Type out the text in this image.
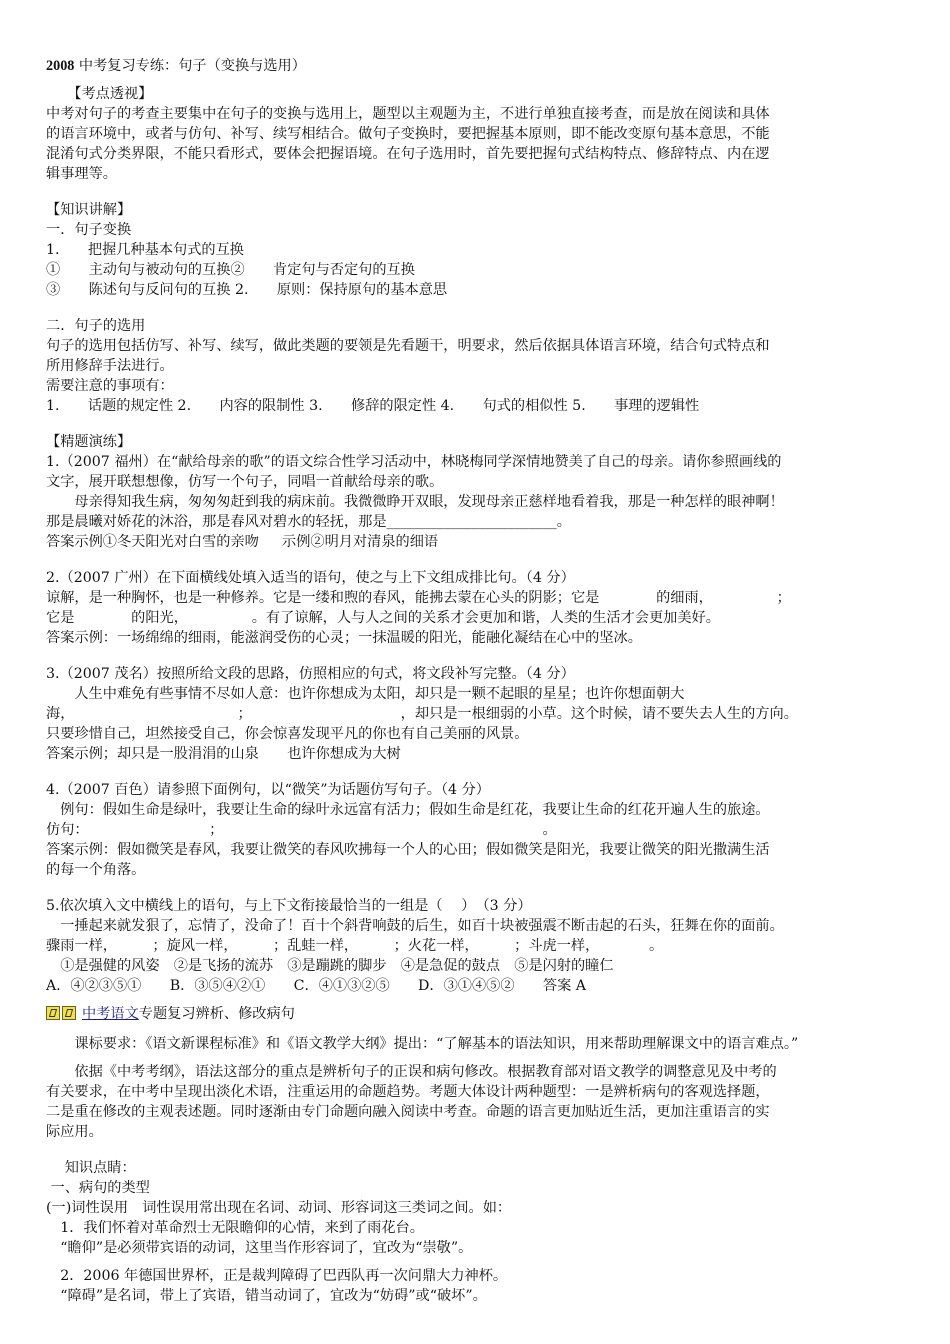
2008 中考复习专练：句子（变换与选用）
　　【考点透视】
中考对句子的考查主要集中在句子的变换与选用上，题型以主观题为主，不进行单独直接考查，而是放在阅读和具体
的语言环境中，或者与仿句、补写、续写相结合。做句子变换时，要把握基本原则，即不能改变原句基本意思，不能
混淆句式分类界限，不能只看形式，要体会把握语境。在句子选用时，首先要把握句式结构特点、修辞特点、内在逻
辑事理等。
【知识讲解】
一．句子变换
1.　　把握几种基本句式的互换
①　　主动句与被动句的互换②　　肯定句与否定句的互换
③　　陈述句与反问句的互换 2.　　原则：保持原句的基本意思
二．句子的选用
句子的选用包括仿写、补写、续写，做此类题的要领是先看题干，明要求，然后依据具体语言环境，结合句式特点和
所用修辞手法进行。
需要注意的事项有：
1.　　话题的规定性 2.　　内容的限制性 3.　　修辞的限定性 4.　　句式的相似性 5.　　事理的逻辑性
【精题演练】
1.（2007 福州）在“献给母亲的歌”的语文综合性学习活动中，林晓梅同学深情地赞美了自己的母亲。请你参照画线的
文字，展开联想想像，仿写一个句子，同唱一首献给母亲的歌。
　　母亲得知我生病，匆匆匆赶到我的病床前。我微微睁开双眼，发现母亲正慈样地看着我，那是一种怎样的眼神啊！
那是晨曦对娇花的沐浴，那是春风对碧水的轻抚，那是________________________。
答案示例①冬天阳光对白雪的亲吻　  示例②明月对清泉的细语
2.（2007 广州）在下面横线处填入适当的语句，使之与上下文组成排比句。（4 分）
谅解，是一种胸怀，也是一种修养。它是一缕和煦的春风，能拂去蒙在心头的阴影；它是　　　　的细雨，　　　　　；
它是　　　　的阳光，　　　　　。有了谅解，人与人之间的关系才会更加和谐，人类的生活才会更加美好。
答案示例：一场绵绵的细雨，能滋润受伤的心灵；一抹温暖的阳光，能融化凝结在心中的坚冰。
3.（2007 茂名）按照所给文段的思路，仿照相应的句式，将文段补写完整。（4 分）
　　人生中难免有些事情不尽如人意：也许你想成为太阳，却只是一颗不起眼的星星；也许你想面朝大
海，　　　　　　　　　　　　；　　　　　　　　　　　，却只是一根细弱的小草。这个时候，请不要失去人生的方向。
只要珍惜自己，坦然接受自己，你会惊喜发现平凡的你也有自己美丽的风景。
答案示例；却只是一股涓涓的山泉　　也许你想成为大树
4.（2007 百色）请参照下面例句，以“微笑”为话题仿写句子。（4 分）
　例句：假如生命是绿叶，我要让生命的绿叶永远富有活力；假如生命是红花，我要让生命的红花开遍人生的旅途。
仿句：　　　　　　　　　；　　　　　　　　　　　　　　　　　　　　　　　。
答案示例：假如微笑是春风，我要让微笑的春风吹拂每一个人的心田；假如微笑是阳光，我要让微笑的阳光撒满生活
的每一个角落。
5.依次填入文中横线上的语句，与上下文衔接最恰当的一组是（　 ）　（3 分）
　一捶起来就发狠了，忘情了，没命了！百十个斜背响鼓的后生，如百十块被强震不断击起的石头，狂舞在你的面前。
骤雨一样，　　　；旋风一样，　　　；乱蛙一样，　　　；火花一样，　　　；斗虎一样，　　　　。
　①是强健的风姿　②是飞扬的流苏　③是蹦跳的脚步　④是急促的鼓点　⑤是闪射的瞳仁
A．④②③⑤①　　B．③⑤④②①　　C．④①③②⑤　　D．③①④⑤②　　答案 A
中考语文专题复习辨析、修改病句
　　课标要求：《语文新课程标准》和《语文教学大纲》提出：“了解基本的语法知识，用来帮助理解课文中的语言难点。”
　　依据《中考考纲》，语法这部分的重点是辨析句子的正误和病句修改。根据教育部对语文教学的调整意见及中考的
有关要求，在中考中呈现出淡化术语，注重运用的命题趋势。考题大体设计两种题型：一是辨析病句的客观选择题，
二是重在修改的主观表述题。同时逐渐由专门命题向融入阅读中考查。命题的语言更加贴近生活，更加注重语言的实
际应用。
　 知识点睛：
一、病句的类型
(一)词性误用　词性误用常出现在名词、动词、形容词这三类词之间。如：
　1．我们怀着对革命烈士无限瞻仰的心情，来到了雨花台。
　“瞻仰”是必须带宾语的动词，这里当作形容词了，宜改为“崇敬”。
　2．2006 年德国世界杯，正是裁判障碍了巴西队再一次问鼎大力神杯。
　“障碍”是名词，带上了宾语，错当动词了，宜改为“妨碍”或“破坏”。
